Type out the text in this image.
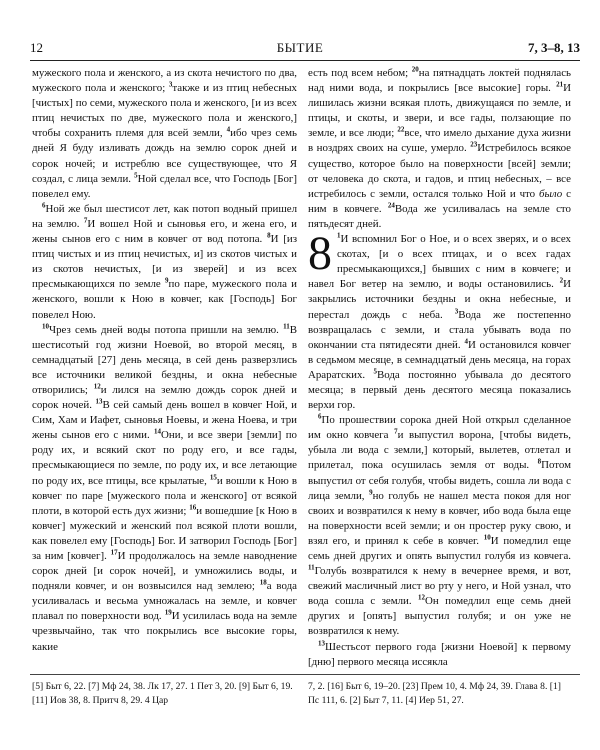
12	БЫТИЕ	7, 3–8, 13

мужеского пола и женского, а из скота нечистого по два, мужеского пола и женского; $^3$также и из птиц небесных [чистых] по семи, мужеского пола и женского, [и из всех птиц нечистых по две, мужеского пола и женского,] чтобы сохранить племя для всей земли, $^4$ибо чрез семь дней Я буду изливать дождь на землю сорок дней и сорок ночей; и истреблю все существующее, что Я создал, с лица земли. $^5$Ной сделал все, что Господь [Бог] повелел ему.

$^6$Ной же был шестисот лет, как потоп водный пришел на землю. $^7$И вошел Ной и сыновья его, и жена его, и жены сынов его с ним в ковчег от вод потопа. $^8$И [из птиц чистых и из птиц нечистых, и] из скотов чистых и из скотов нечистых, [и из зверей] и из всех пресмыкающихся по земле $^9$по паре, мужеского пола и женского, вошли к Ною в ковчег, как [Господь] Бог повелел Ною.

$^{10}$Чрез семь дней воды потопа пришли на землю. $^{11}$В шестисотый год жизни Ноевой, во второй месяц, в семнадцатый [27] день месяца, в сей день разверзлись все источники великой бездны, и окна небесные отворились; $^{12}$и лился на землю дождь сорок дней и сорок ночей. $^{13}$В сей самый день вошел в ковчег Ной, и Сим, Хам и Иафет, сыновья Ноевы, и жена Ноева, и три жены сынов его с ними. $^{14}$Они, и все звери [земли] по роду их, и всякий скот по роду его, и все гады, пресмыкающиеся по земле, по роду их, и все летающие по роду их, все птицы, все крылатые, $^{15}$и вошли к Ною в ковчег по паре [мужеского пола и женского] от всякой плоти, в которой есть дух жизни; $^{16}$и вошедшие [к Ною в ковчег] мужеский и женский пол всякой плоти вошли, как повелел ему [Господь] Бог. И затворил Господь [Бог] за ним [ковчег]. $^{17}$И продолжалось на земле наводнение сорок дней [и сорок ночей], и умножились воды, и подняли ковчег, и он возвысился над землею; $^{18}$а вода усиливалась и весьма умножалась на земле, и ковчег плавал по поверхности вод. $^{19}$И усилилась вода на земле чрезвычайно, так что покрылись все высокие горы, какие

есть под всем небом; $^{20}$на пятнадцать локтей поднялась над ними вода, и покрылись [все высокие] горы. $^{21}$И лишилась жизни всякая плоть, движущаяся по земле, и птицы, и скоты, и звери, и все гады, ползающие по земле, и все люди; $^{22}$все, что имело дыхание духа жизни в ноздрях своих на суше, умерло. $^{23}$Истребилось всякое существо, которое было на поверхности [всей] земли; от человека до скота, и гадов, и птиц небесных, – все истребилось с земли, осталcя только Ной и что было с ним в ковчеге. $^{24}$Вода же усиливалась на земле сто пятьдесят дней.

8 $^1$И вспомнил Бог о Ное, и о всех зверях, и о всех скотах, [и о всех птицах, и о всех гадах пресмыкающихся,] бывших с ним в ковчеге; и навел Бог ветер на землю, и воды остановились. $^2$И закрылись источники бездны и окна небесные, и перестал дождь с неба. $^3$Вода же постепенно возвращалась с земли, и стала убывать вода по окончании ста пятидесяти дней. $^4$И остановился ковчег в седьмом месяце, в семнадцатый день месяца, на горах Араратских. $^5$Вода постоянно убывала до десятого месяца; в первый день десятого месяца показались верхи гор.

$^6$По прошествии сорока дней Ной открыл сделанное им окно ковчега $^7$и выпустил ворона, [чтобы видеть, убыла ли вода с земли,] который, вылетев, отлетал и прилетал, пока осушилась земля от воды. $^8$Потом выпустил от себя голубя, чтобы видеть, сошла ли вода с лица земли, $^9$но голубь не нашел места покоя для ног своих и возвратился к нему в ковчег, ибо вода была еще на поверхности всей земли; и он простер руку свою, и взял его, и принял к себе в ковчег. $^{10}$И помедлил еще семь дней других и опять выпустил голубя из ковчега. $^{11}$Голубь возвратился к нему в вечернее время, и вот, свежий масличный лист во рту у него, и Ной узнал, что вода сошла с земли. $^{12}$Он помедлил еще семь дней других и [опять] выпустил голубя; и он уже не возвратился к нему.

$^{13}$Шестьсот первого года [жизни Ноевой] к первому [дню] первого месяца иссякла

[5] Быт 6, 22. [7] Мф 24, 38. Лк 17, 27. 1 Пет 3, 20. [9] Быт 6, 19. [11] Иов 38, 8. Притч 8, 29. 4 Цар

7, 2. [16] Быт 6, 19–20. [23] Прем 10, 4. Мф 24, 39. Глава 8. [1] Пс 111, 6. [2] Быт 7, 11. [4] Иер 51, 27.
